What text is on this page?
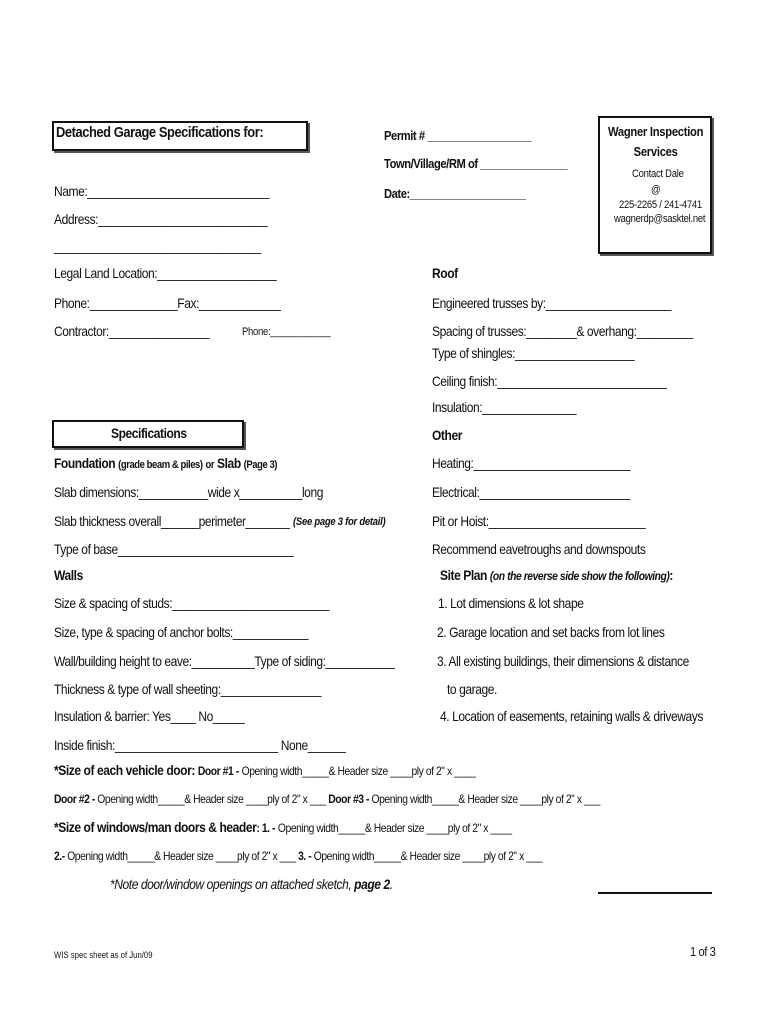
Detached Garage Specifications for:	Permit # __________________
Town/Village/RM of _______________
Date:____________________
Wagner Inspection Services
Contact Dale
@
225-2265 / 241-4741
wagnerdp@sasktel.net
Name:_____________________________
Address:___________________________
_________________________________
Legal Land Location:___________________
Phone:______________Fax:_____________
Contractor:________________	Phone:____________
Roof
Engineered trusses by:____________________
Spacing of trusses:________& overhang:_________
Type of shingles:___________________
Ceiling finish:___________________________
Insulation:_______________
Specifications
Foundation (grade beam & piles) or Slab (Page 3)
Slab dimensions:___________wide x__________long
Slab thickness overall______perimeter_______ (See page 3 for detail)
Type of base____________________________
Other
Heating:_________________________
Electrical:________________________
Pit or Hoist:_________________________
Recommend eavetroughs and downspouts
Walls
Size & spacing of studs:_________________________
Size, type & spacing of anchor bolts:____________
Wall/building height to eave:__________Type of siding:___________
Thickness & type of wall sheeting:________________
Insulation & barrier: Yes____ No_____
Inside finish:__________________________ None______
Site Plan (on the reverse side show the following):
1. Lot dimensions & lot shape
2. Garage location and set backs from lot lines
3. All existing buildings, their dimensions & distance
to garage.
4. Location of easements, retaining walls & driveways
*Size of each vehicle door: Door #1 - Opening width_____& Header size ____ply of 2" x ____
Door #2 - Opening width_____& Header size ____ply of 2" x ___ Door #3 - Opening width_____& Header size ____ply of 2" x ___
*Size of windows/man doors & header: 1. - Opening width_____& Header size ____ply of 2" x ____
2.- Opening width_____& Header size ____ply of 2" x ___ 3. - Opening width_____& Header size ____ply of 2" x ___
*Note door/window openings on attached sketch, page 2.
WIS spec sheet as of Jun/09	1 of 3
